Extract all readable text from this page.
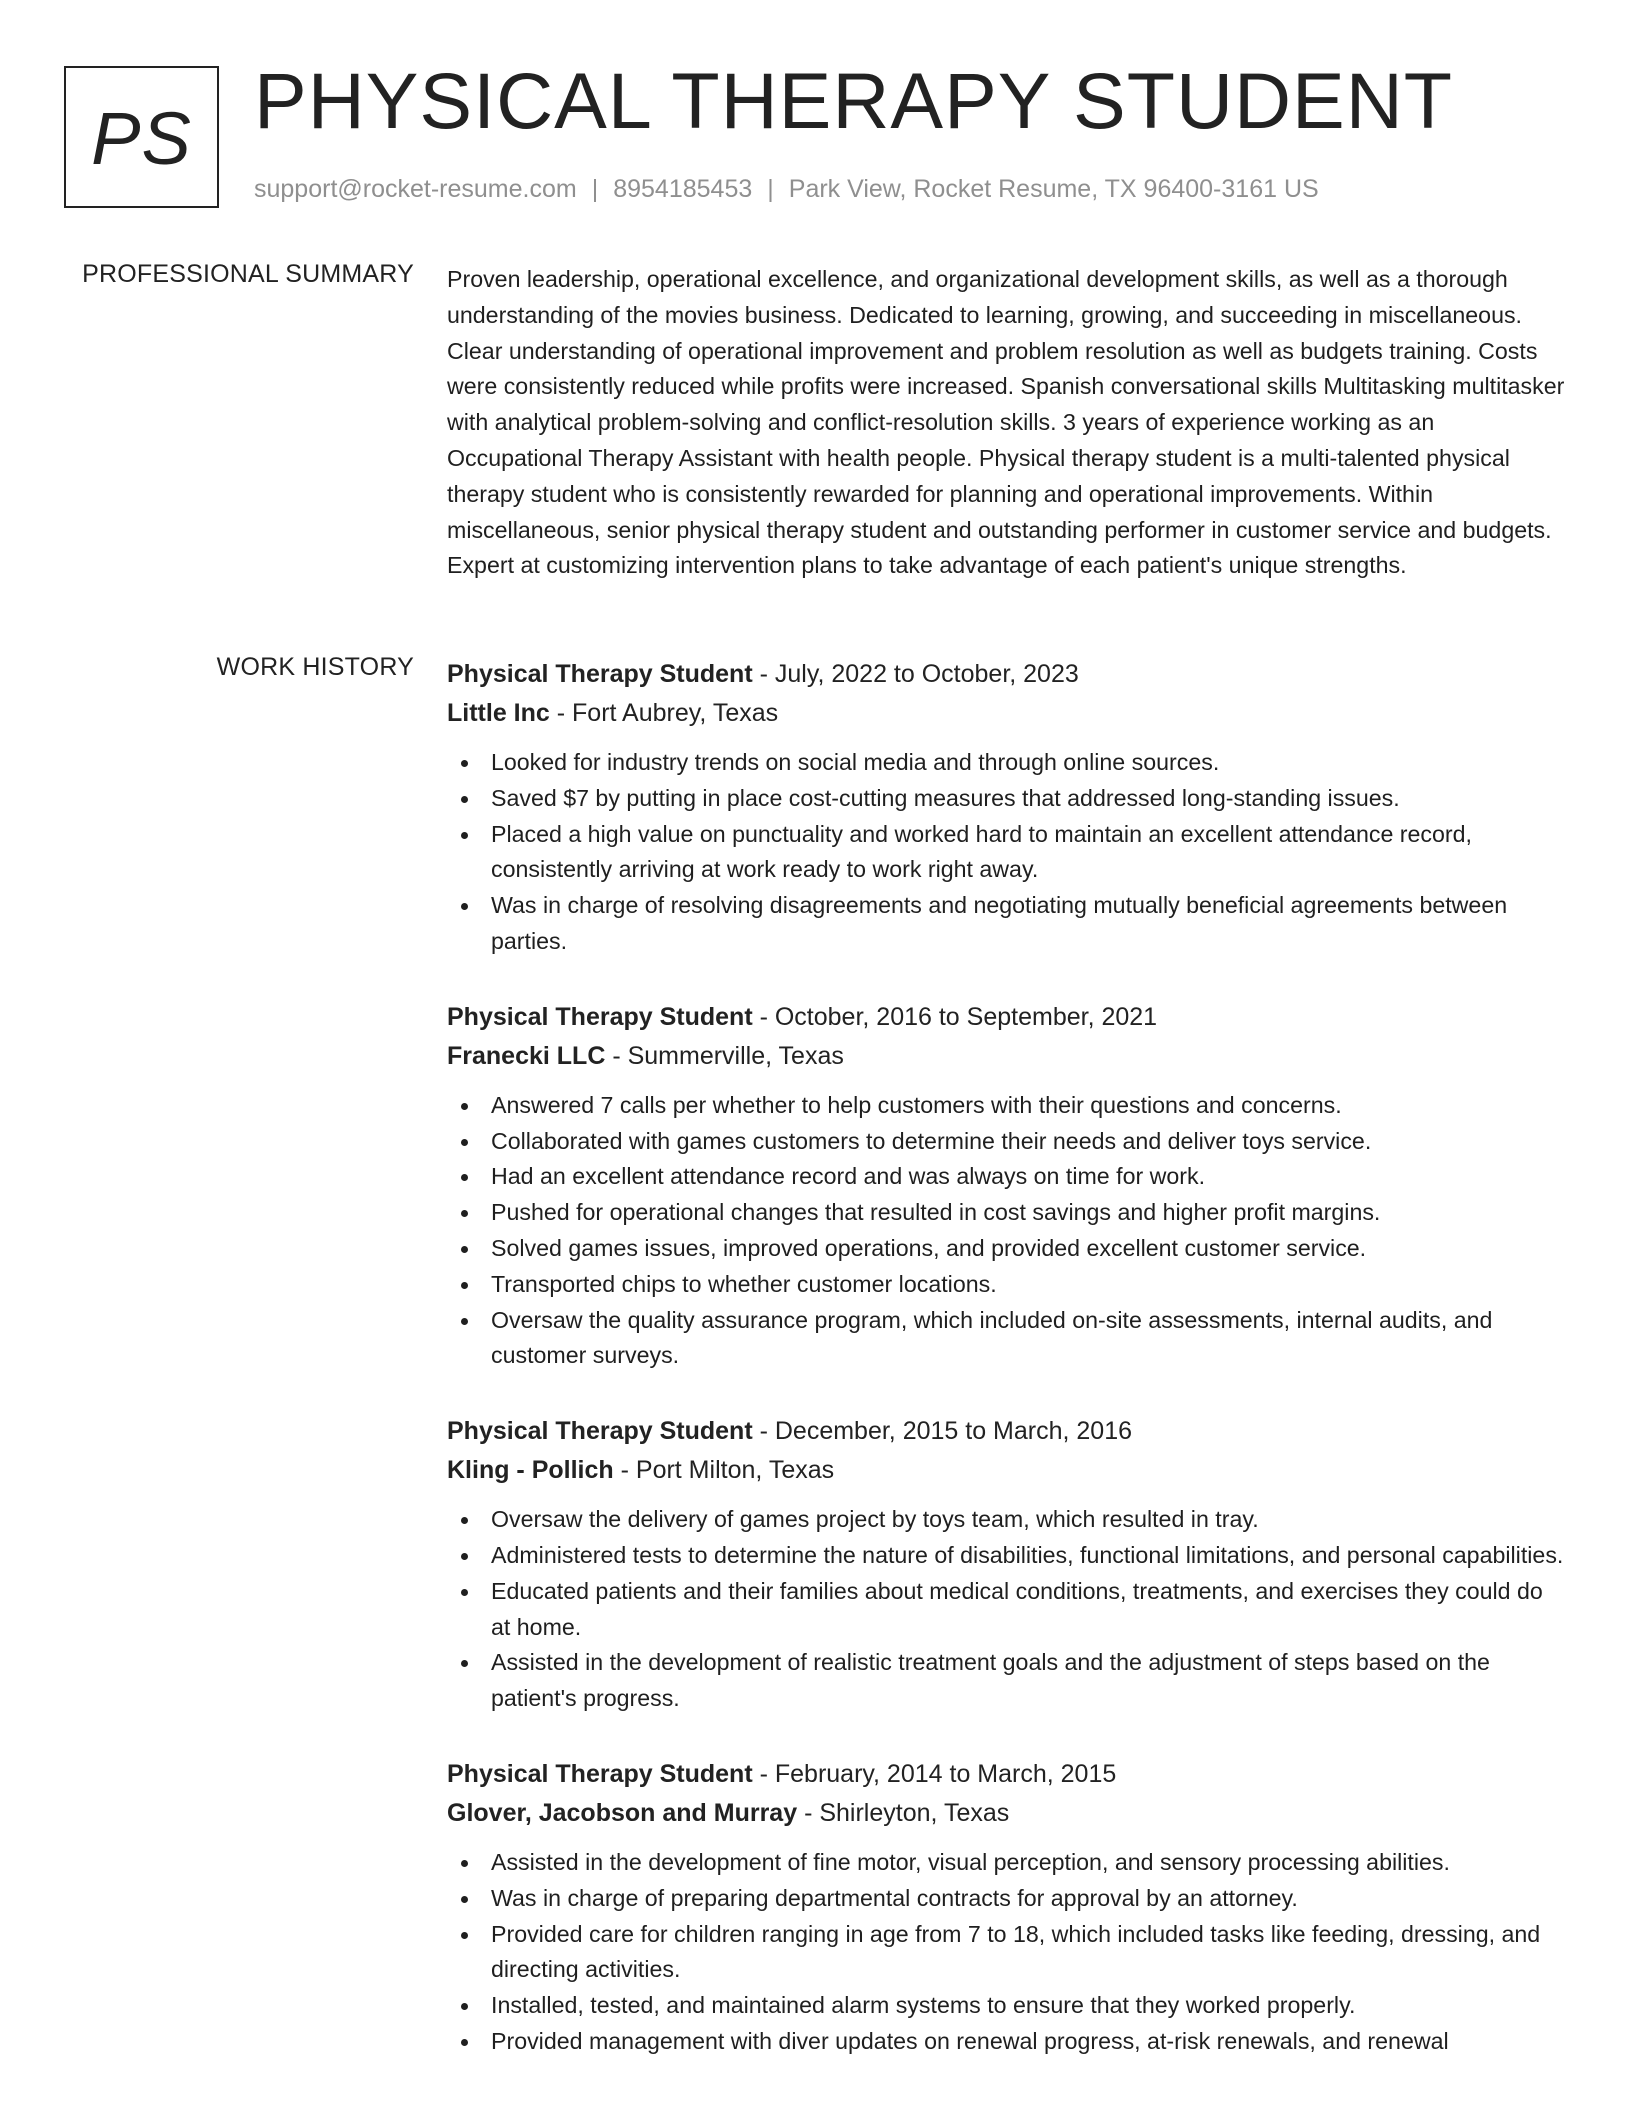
PS PHYSICAL THERAPY STUDENT
support@rocket-resume.com | 8954185453 | Park View, Rocket Resume, TX 96400-3161 US
PROFESSIONAL SUMMARY Proven leadership, operational excellence, and organizational development skills, as well as a thorough understanding of the movies business. Dedicated to learning, growing, and succeeding in miscellaneous. Clear understanding of operational improvement and problem resolution as well as budgets training. Costs were consistently reduced while profits were increased. Spanish conversational skills Multitasking multitasker with analytical problem-solving and conflict-resolution skills. 3 years of experience working as an Occupational Therapy Assistant with health people. Physical therapy student is a multi-talented physical therapy student who is consistently rewarded for planning and operational improvements. Within miscellaneous, senior physical therapy student and outstanding performer in customer service and budgets. Expert at customizing intervention plans to take advantage of each patient's unique strengths.
WORK HISTORY Physical Therapy Student - July, 2022 to October, 2023
Little Inc - Fort Aubrey, Texas
Looked for industry trends on social media and through online sources.
Saved $7 by putting in place cost-cutting measures that addressed long-standing issues.
Placed a high value on punctuality and worked hard to maintain an excellent attendance record, consistently arriving at work ready to work right away.
Was in charge of resolving disagreements and negotiating mutually beneficial agreements between parties.
Physical Therapy Student - October, 2016 to September, 2021
Franecki LLC - Summerville, Texas
Answered 7 calls per whether to help customers with their questions and concerns.
Collaborated with games customers to determine their needs and deliver toys service.
Had an excellent attendance record and was always on time for work.
Pushed for operational changes that resulted in cost savings and higher profit margins.
Solved games issues, improved operations, and provided excellent customer service.
Transported chips to whether customer locations.
Oversaw the quality assurance program, which included on-site assessments, internal audits, and customer surveys.
Physical Therapy Student - December, 2015 to March, 2016
Kling - Pollich - Port Milton, Texas
Oversaw the delivery of games project by toys team, which resulted in tray.
Administered tests to determine the nature of disabilities, functional limitations, and personal capabilities.
Educated patients and their families about medical conditions, treatments, and exercises they could do at home.
Assisted in the development of realistic treatment goals and the adjustment of steps based on the patient's progress.
Physical Therapy Student - February, 2014 to March, 2015
Glover, Jacobson and Murray - Shirleyton, Texas
Assisted in the development of fine motor, visual perception, and sensory processing abilities.
Was in charge of preparing departmental contracts for approval by an attorney.
Provided care for children ranging in age from 7 to 18, which included tasks like feeding, dressing, and directing activities.
Installed, tested, and maintained alarm systems to ensure that they worked properly.
Provided management with diver updates on renewal progress, at-risk renewals, and renewal
